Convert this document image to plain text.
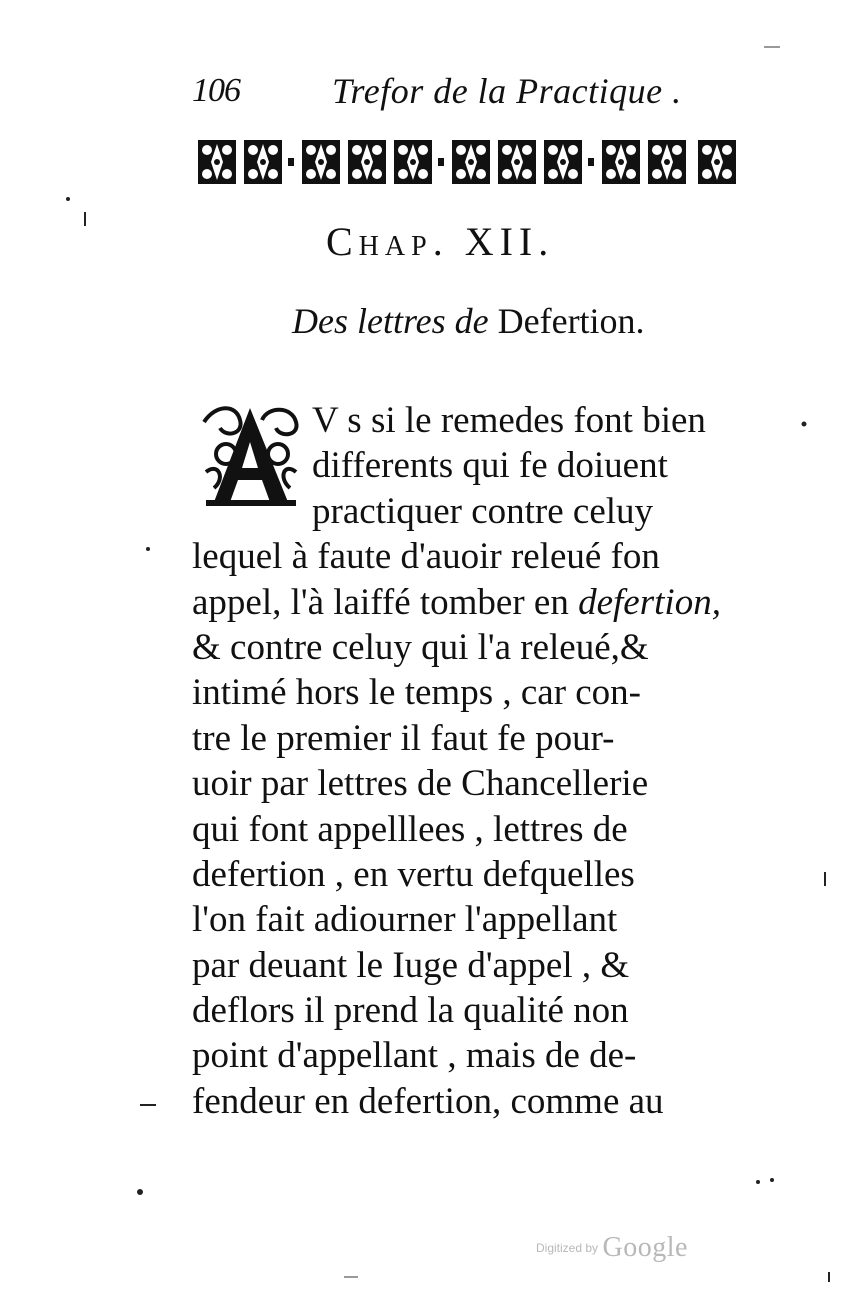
106	Trefor de la Practique .
Chap. XII.
Des lettres de Defertion.
V s si le remedes font bien
differents qui fe doiuent
practiquer contre celuy
lequel à faute d'auoir releué fon
appel, l'à laiffé tomber en defertion,
& contre celuy qui l'a releué,&
intimé hors le temps , car con-
tre le premier il faut fe pour-
uoir par lettres de Chancellerie
qui font appelllees , lettres de
defertion , en vertu defquelles
l'on fait adiourner l'appellant
par deuant le Iuge d'appel , &
deflors il prend la qualité non
point d'appellant , mais de de-
fendeur en defertion, comme au
Digitized by Google
